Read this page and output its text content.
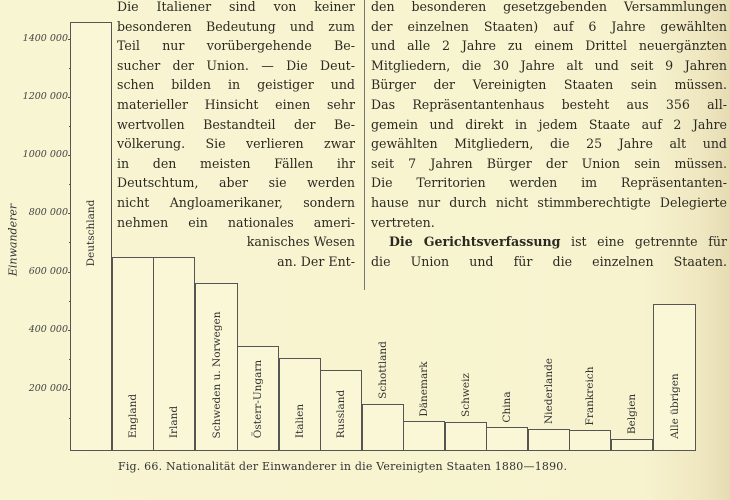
Einwanderer
1400 000
1200 000
1000 000
800 000
600 000
400 000
200 000
Deutschland
England	Irland	Schweden u. Norwegen	Österr-Ungarn	Italien	Russland
Schottland	Dänemark	Schweiz	China	Niederlande	Frankreich	Belgien	Alle übrigen
Die Italiener sind von keiner
besonderen Bedeutung und zum
Teil nur vorübergehende Be-
sucher der Union. — Die Deut-
schen bilden in geistiger und
materieller Hinsicht einen sehr
wertvollen Bestandteil der Be-
völkerung. Sie verlieren zwar
in den meisten Fällen ihr
Deutschtum, aber sie werden
nicht Angloamerikaner, sondern
nehmen ein nationales ameri-
kanisches Wesen
an. Der Ent-
den besonderen gesetzgebenden Versammlungen
der einzelnen Staaten) auf 6 Jahre gewählten
und alle 2 Jahre zu einem Drittel neuergänzten
Mitgliedern, die 30 Jahre alt und seit 9 Jahren
Bürger der Vereinigten Staaten sein müssen.
Das Repräsentantenhaus besteht aus 356 all-
gemein und direkt in jedem Staate auf 2 Jahre
gewählten Mitgliedern, die 25 Jahre alt und
seit 7 Jahren Bürger der Union sein müssen.
Die Territorien werden im Repräsentanten-
hause nur durch nicht stimmberechtigte Delegierte
vertreten.
Die Gerichtsverfassung ist eine getrennte für
die Union und für die einzelnen Staaten.
Fig. 66. Nationalität der Einwanderer in die Vereinigten Staaten 1880—1890.
